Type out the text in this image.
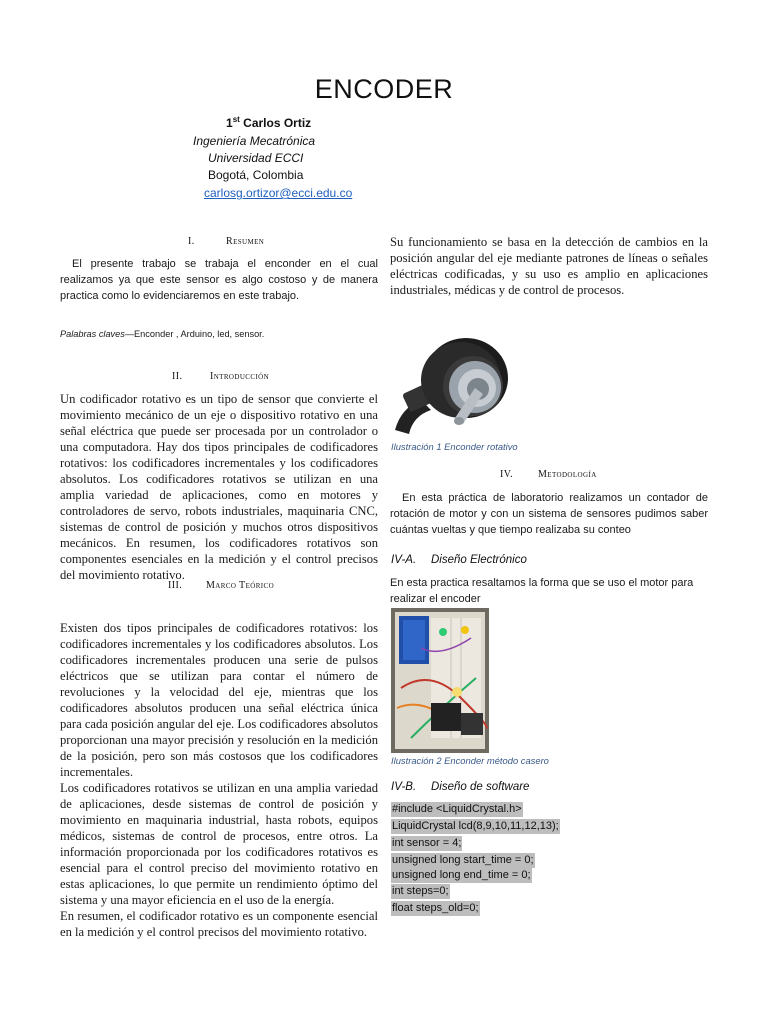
ENCODER
1st Carlos Ortiz
Ingeniería Mecatrónica
Universidad ECCI
Bogotá, Colombia
carlosg.ortizor@ecci.edu.co
I.	Resumen
El presente trabajo se trabaja el enconder en el cual realizamos ya que este sensor es algo costoso y de manera practica como lo evidenciaremos en este trabajo.
Palabras claves—Enconder , Arduino, led, sensor.
II.	Introducción
Un codificador rotativo es un tipo de sensor que convierte el movimiento mecánico de un eje o dispositivo rotativo en una señal eléctrica que puede ser procesada por un controlador o una computadora. Hay dos tipos principales de codificadores rotativos: los codificadores incrementales y los codificadores absolutos. Los codificadores rotativos se utilizan en una amplia variedad de aplicaciones, como en motores y controladores de servo, robots industriales, maquinaria CNC, sistemas de control de posición y muchos otros dispositivos mecánicos. En resumen, los codificadores rotativos son componentes esenciales en la medición y el control precisos del movimiento rotativo.
III. Marco Teórico
Existen dos tipos principales de codificadores rotativos: los codificadores incrementales y los codificadores absolutos. Los codificadores incrementales producen una serie de pulsos eléctricos que se utilizan para contar el número de revoluciones y la velocidad del eje, mientras que los codificadores absolutos producen una señal eléctrica única para cada posición angular del eje. Los codificadores absolutos proporcionan una mayor precisión y resolución en la medición de la posición, pero son más costosos que los codificadores incrementales.
Los codificadores rotativos se utilizan en una amplia variedad de aplicaciones, desde sistemas de control de posición y movimiento en maquinaria industrial, hasta robots, equipos médicos, sistemas de control de procesos, entre otros. La información proporcionada por los codificadores rotativos es esencial para el control preciso del movimiento rotativo en estas aplicaciones, lo que permite un rendimiento óptimo del sistema y una mayor eficiencia en el uso de la energía.
En resumen, el codificador rotativo es un componente esencial en la medición y el control precisos del movimiento rotativo.
Su funcionamiento se basa en la detección de cambios en la posición angular del eje mediante patrones de líneas o señales eléctricas codificadas, y su uso es amplio en aplicaciones industriales, médicas y de control de procesos.
Ilustración 1 Enconder rotativo
IV.	Metodología
En esta práctica de laboratorio realizamos un contador de rotación de motor y con un sistema de sensores pudimos saber cuántas vueltas y que tiempo realizaba su conteo
IV-A. Diseño Electrónico
En esta practica resaltamos la forma que se uso el motor para realizar el encoder
Ilustración 2 Enconder método casero
IV-B. Diseño de software
#include <LiquidCrystal.h>
LiquidCrystal lcd(8,9,10,11,12,13);
int sensor = 4;
unsigned long start_time = 0;
unsigned long end_time = 0;
int steps=0;
float steps_old=0;
